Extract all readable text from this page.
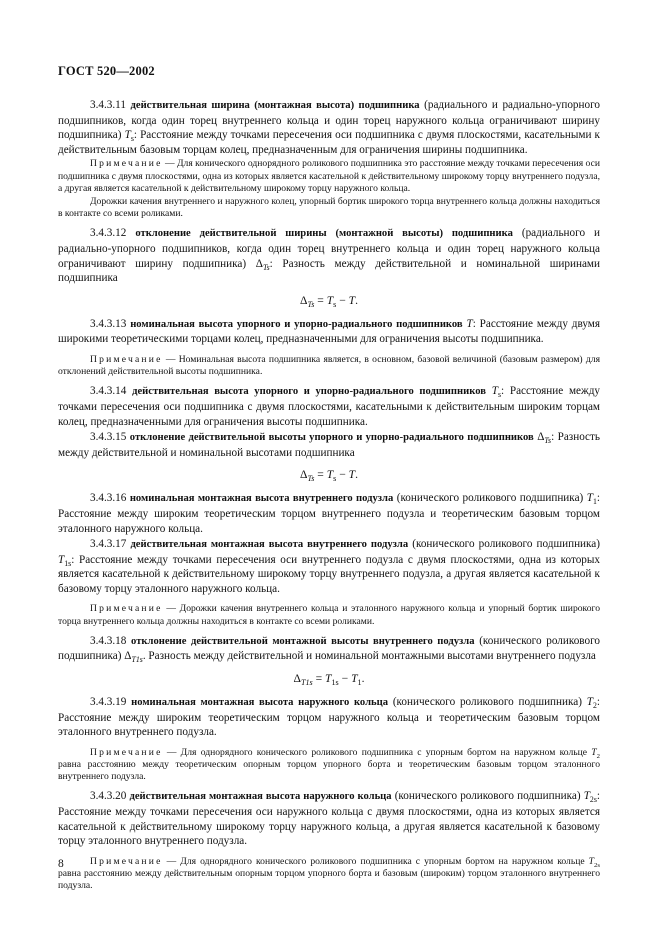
ГОСТ 520—2002

3.4.3.11 действительная ширина (монтажная высота) подшипника (радиального и радиально-упорного подшипников, когда один торец внутреннего кольца и один торец наружного кольца ограничивают ширину подшипника) $T_s$: Расстояние между точками пересечения оси подшипника с двумя плоскостями, касательными к действительным базовым торцам колец, предназначенным для ограничения ширины подшипника.

Примечание — Для конического однорядного роликового подшипника это расстояние между точками пересечения оси подшипника с двумя плоскостями, одна из которых является касательной к действительному широкому торцу внутреннего подузла, а другая является касательной к действительному широкому торцу наружного кольца.

Дорожки качения внутреннего и наружного колец, упорный бортик широкого торца внутреннего кольца должны находиться в контакте со всеми роликами.

3.4.3.12 отклонение действительной ширины (монтажной высоты) подшипника (радиального и радиально-упорного подшипников, когда один торец внутреннего кольца и один торец наружного кольца ограничивают ширину подшипника) $\Delta_{Ts}$: Разность между действительной и номинальной ширинами подшипника

$\Delta_{Ts} = T_s - T$.

3.4.3.13 номинальная высота упорного и упорно-радиального подшипников T: Расстояние между двумя широкими теоретическими торцами колец, предназначенными для ограничения высоты подшипника.

Примечание — Номинальная высота подшипника является, в основном, базовой величиной (базовым размером) для отклонений действительной высоты подшипника.

3.4.3.14 действительная высота упорного и упорно-радиального подшипников $T_s$: Расстояние между точками пересечения оси подшипника с двумя плоскостями, касательными к действительным широким торцам колец, предназначенными для ограничения высоты подшипника.

3.4.3.15 отклонение действительной высоты упорного и упорно-радиального подшипников $\Delta_{Ts}$: Разность между действительной и номинальной высотами подшипника

$\Delta_{Ts} = T_s - T$.

3.4.3.16 номинальная монтажная высота внутреннего подузла (конического роликового подшипника) $T_1$: Расстояние между широким теоретическим торцом внутреннего подузла и теоретическим базовым торцом эталонного наружного кольца.

3.4.3.17 действительная монтажная высота внутреннего подузла (конического роликового подшипника) $T_{1s}$: Расстояние между точками пересечения оси внутреннего подузла с двумя плоскостями, одна из которых является касательной к действительному широкому торцу внутреннего подузла, а другая является касательной к базовому торцу эталонного наружного кольца.

Примечание — Дорожки качения внутреннего кольца и эталонного наружного кольца и упорный бортик широкого торца внутреннего кольца должны находиться в контакте со всеми роликами.

3.4.3.18 отклонение действительной монтажной высоты внутреннего подузла (конического роликового подшипника) $\Delta_{T1s}$. Разность между действительной и номинальной монтажными высотами внутреннего подузла

$\Delta_{T1s} = T_{1s} - T_1$.

3.4.3.19 номинальная монтажная высота наружного кольца (конического роликового подшипника) $T_2$: Расстояние между широким теоретическим торцом наружного кольца и теоретическим базовым торцом эталонного внутреннего подузла.

Примечание — Для однорядного конического роликового подшипника с упорным бортом на наружном кольце $T_2$ равна расстоянию между теоретическим опорным торцом упорного борта и теоретическим базовым торцом эталонного внутреннего подузла.

3.4.3.20 действительная монтажная высота наружного кольца (конического роликового подшипника) $T_{2s}$: Расстояние между точками пересечения оси наружного кольца с двумя плоскостями, одна из которых является касательной к действительному широкому торцу наружного кольца, а другая является касательной к базовому торцу эталонного внутреннего подузла.

Примечание — Для однорядного конического роликового подшипника с упорным бортом на наружном кольце $T_{2s}$ равна расстоянию между действительным опорным торцом упорного борта и базовым (широким) торцом эталонного внутреннего подузла.

8
